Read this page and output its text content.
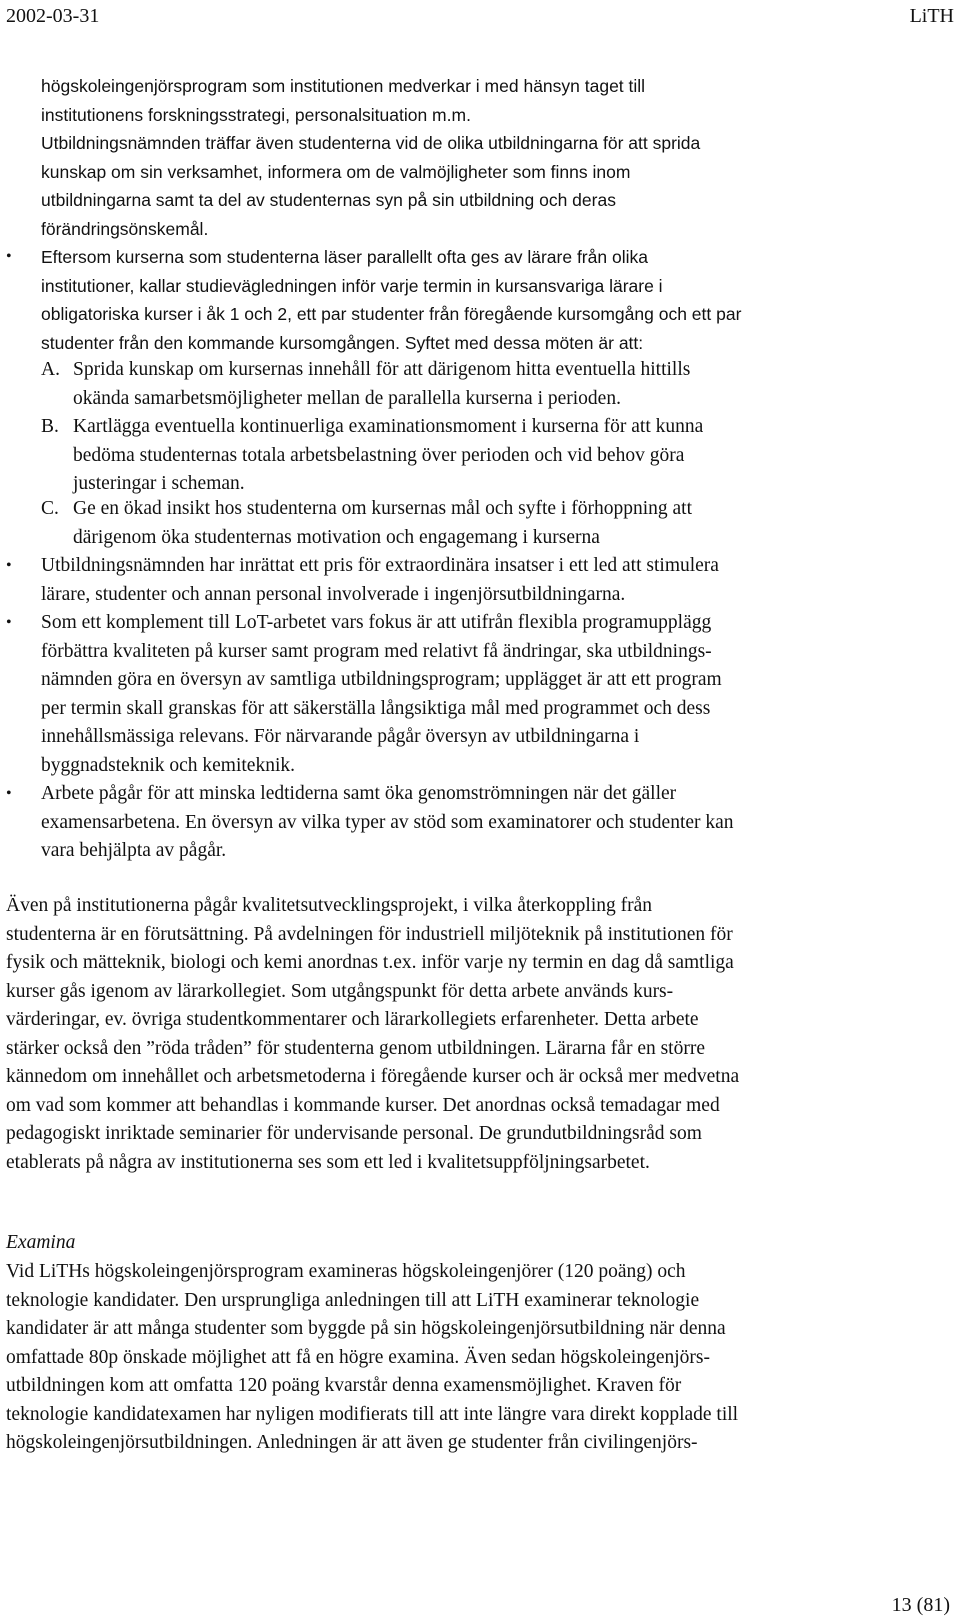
2002-03-31	LiTH
högskoleingenjörsprogram som institutionen medverkar i med hänsyn taget till
institutionens forskningsstrategi, personalsituation m.m.
Utbildningsnämnden träffar även studenterna vid de olika utbildningarna för att sprida
kunskap om sin verksamhet, informera om de valmöjligheter som finns inom
utbildningarna samt ta del av studenternas syn på sin utbildning och deras
förändringsönskemål.
• Eftersom kurserna som studenterna läser parallellt ofta ges av lärare från olika
institutioner, kallar studievägledningen inför varje termin in kursansvariga lärare i
obligatoriska kurser i åk 1 och 2, ett par studenter från föregående kursomgång och ett par
studenter från den kommande kursomgången. Syftet med dessa möten är att:
A. Sprida kunskap om kursernas innehåll för att därigenom hitta eventuella hittills
okända samarbetsmöjligheter mellan de parallella kurserna i perioden.
B. Kartlägga eventuella kontinuerliga examinationsmoment i kurserna för att kunna
bedöma studenternas totala arbetsbelastning över perioden och vid behov göra
justeringar i scheman.
C. Ge en ökad insikt hos studenterna om kursernas mål och syfte i förhoppning att
därigenom öka studenternas motivation och engagemang i kurserna
• Utbildningsnämnden har inrättat ett pris för extraordinära insatser i ett led att stimulera
lärare, studenter och annan personal involverade i ingenjörsutbildningarna.
• Som ett komplement till LoT-arbetet vars fokus är att utifrån flexibla programupplägg
förbättra kvaliteten på kurser samt program med relativt få ändringar, ska utbildnings-
nämnden göra en översyn av samtliga utbildningsprogram; upplägget är att ett program
per termin skall granskas för att säkerställa långsiktiga mål med programmet och dess
innehållsmässiga relevans. För närvarande pågår översyn av utbildningarna i
byggnadsteknik och kemiteknik.
• Arbete pågår för att minska ledtiderna samt öka genomströmningen när det gäller
examensarbetena. En översyn av vilka typer av stöd som examinatorer och studenter kan
vara behjälpta av pågår.
Även på institutionerna pågår kvalitetsutvecklingsprojekt, i vilka återkoppling från
studenterna är en förutsättning. På avdelningen för industriell miljöteknik på institutionen för
fysik och mätteknik, biologi och kemi anordnas t.ex. inför varje ny termin en dag då samtliga
kurser gås igenom av lärarkollegiet. Som utgångspunkt för detta arbete används kurs-
värderingar, ev. övriga studentkommentarer och lärarkollegiets erfarenheter. Detta arbete
stärker också den ”röda tråden” för studenterna genom utbildningen. Lärarna får en större
kännedom om innehållet och arbetsmetoderna i föregående kurser och är också mer medvetna
om vad som kommer att behandlas i kommande kurser. Det anordnas också temadagar med
pedagogiskt inriktade seminarier för undervisande personal. De grundutbildningsråd som
etablerats på några av institutionerna ses som ett led i kvalitetsuppföljningsarbetet.
Examina
Vid LiTHs högskoleingenjörsprogram examineras högskoleingenjörer (120 poäng) och
teknologie kandidater. Den ursprungliga anledningen till att LiTH examinerar teknologie
kandidater är att många studenter som byggde på sin högskoleingenjörsutbildning när denna
omfattade 80p önskade möjlighet att få en högre examina. Även sedan högskoleingenjörs-
utbildningen kom att omfatta 120 poäng kvarstår denna examensmöjlighet. Kraven för
teknologie kandidatexamen har nyligen modifierats till att inte längre vara direkt kopplade till
högskoleingenjörsutbildningen. Anledningen är att även ge studenter från civilingenjörs-
13 (81)
